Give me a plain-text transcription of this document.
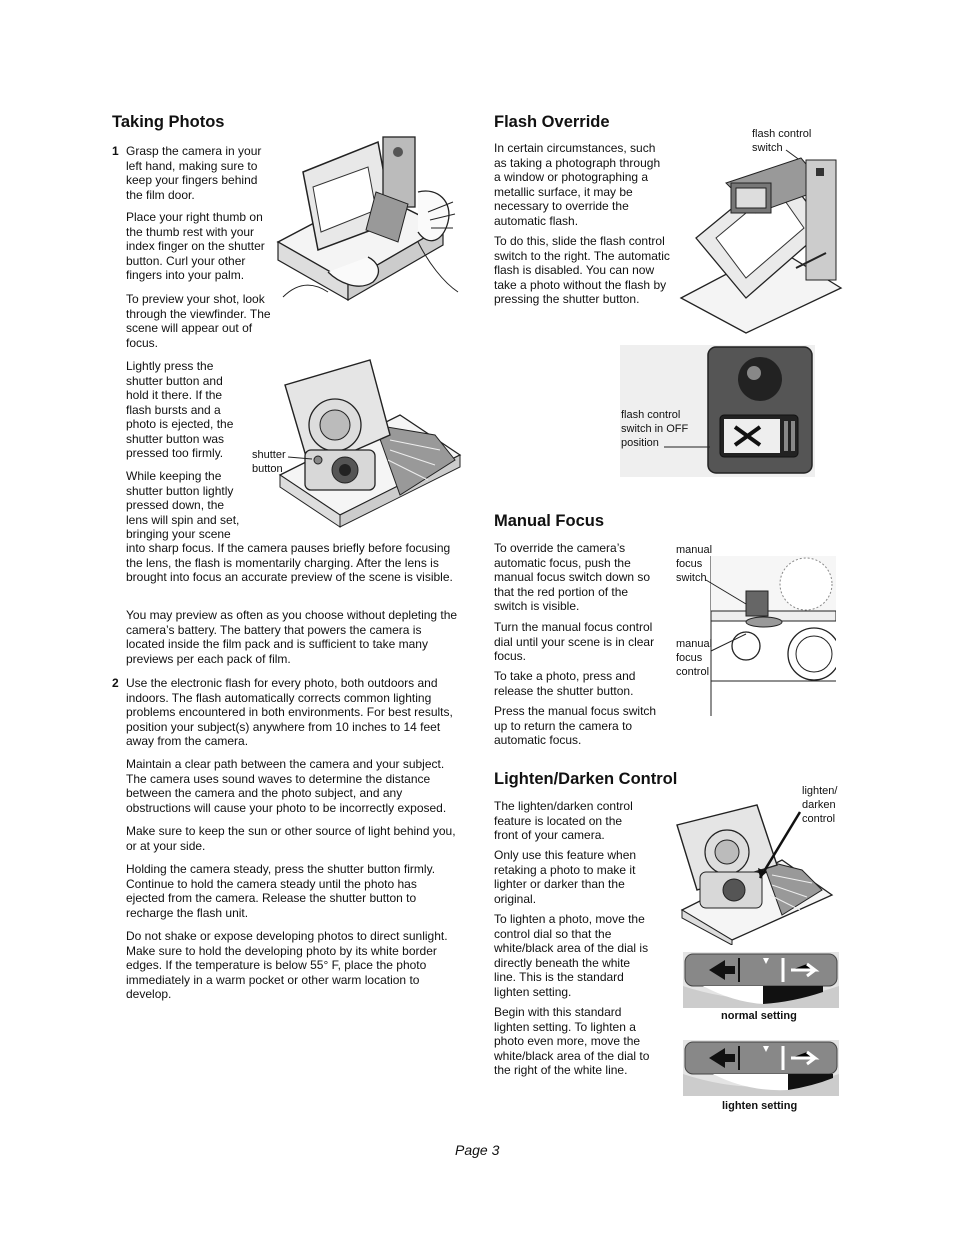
Taking Photos
1 Grasp the camera in your left hand, making sure to keep your fingers behind the film door.

Place your right thumb on the thumb rest with your index finger on the shutter button. Curl your other fingers into your palm.

To preview your shot, look through the viewfinder. The scene will appear out of focus.

Lightly press the shutter button and hold it there. If the flash bursts and a photo is ejected, the shutter button was pressed too firmly.

While keeping the shutter button lightly pressed down, the lens will spin and set, bringing your scene

into sharp focus. If the camera pauses briefly before focusing the lens, the flash is momentarily charging. After the lens is brought into focus an accurate preview of the scene is visible.

You may preview as often as you choose without depleting the camera’s battery. The battery that powers the camera is located inside the film pack and is sufficient to take many previews per each pack of film.

2 Use the electronic flash for every photo, both outdoors and indoors. The flash automatically corrects common lighting problems encountered in both environments. For best results, position your subject(s) anywhere from 10 inches to 14 feet away from the camera.

Maintain a clear path between the camera and your subject. The camera uses sound waves to determine the distance between the camera and the photo subject, and any obstructions will cause your photo to be incorrectly exposed.

Make sure to keep the sun or other source of light behind you, or at your side.

Holding the camera steady, press the shutter button firmly. Continue to hold the camera steady until the photo has ejected from the camera. Release the shutter button to recharge the flash unit.

Do not shake or expose developing photos to direct sunlight. Make sure to hold the developing photo by its white border edges. If the temperature is below 55° F, place the photo immediately in a warm pocket or other warm location to develop.

shutter button
Flash Override

In certain circumstances, such as taking a photograph through a window or photographing a metallic surface, it may be necessary to override the automatic flash.

To do this, slide the flash control switch to the right. The automatic flash is disabled. You can now take a photo without the flash by pressing the shutter button.

flash control switch
flash control switch in OFF position
Manual Focus

To override the camera’s automatic focus, push the manual focus switch down so that the red portion of the switch is visible.

Turn the manual focus control dial until your scene is in clear focus.

To take a photo, press and release the shutter button.

Press the manual focus switch up to return the camera to automatic focus.

manual focus switch
manual focus control
Lighten/Darken Control

The lighten/darken control feature is located on the front of your camera.

Only use this feature when retaking a photo to make it lighter or darker than the original.

To lighten a photo, move the control dial so that the white/black area of the dial is directly beneath the white line. This is the standard lighten setting.

Begin with this standard lighten setting. To lighten a photo even more, move the white/black area of the dial to the right of the white line.

lighten/ darken control
normal setting
lighten setting
Page 3
